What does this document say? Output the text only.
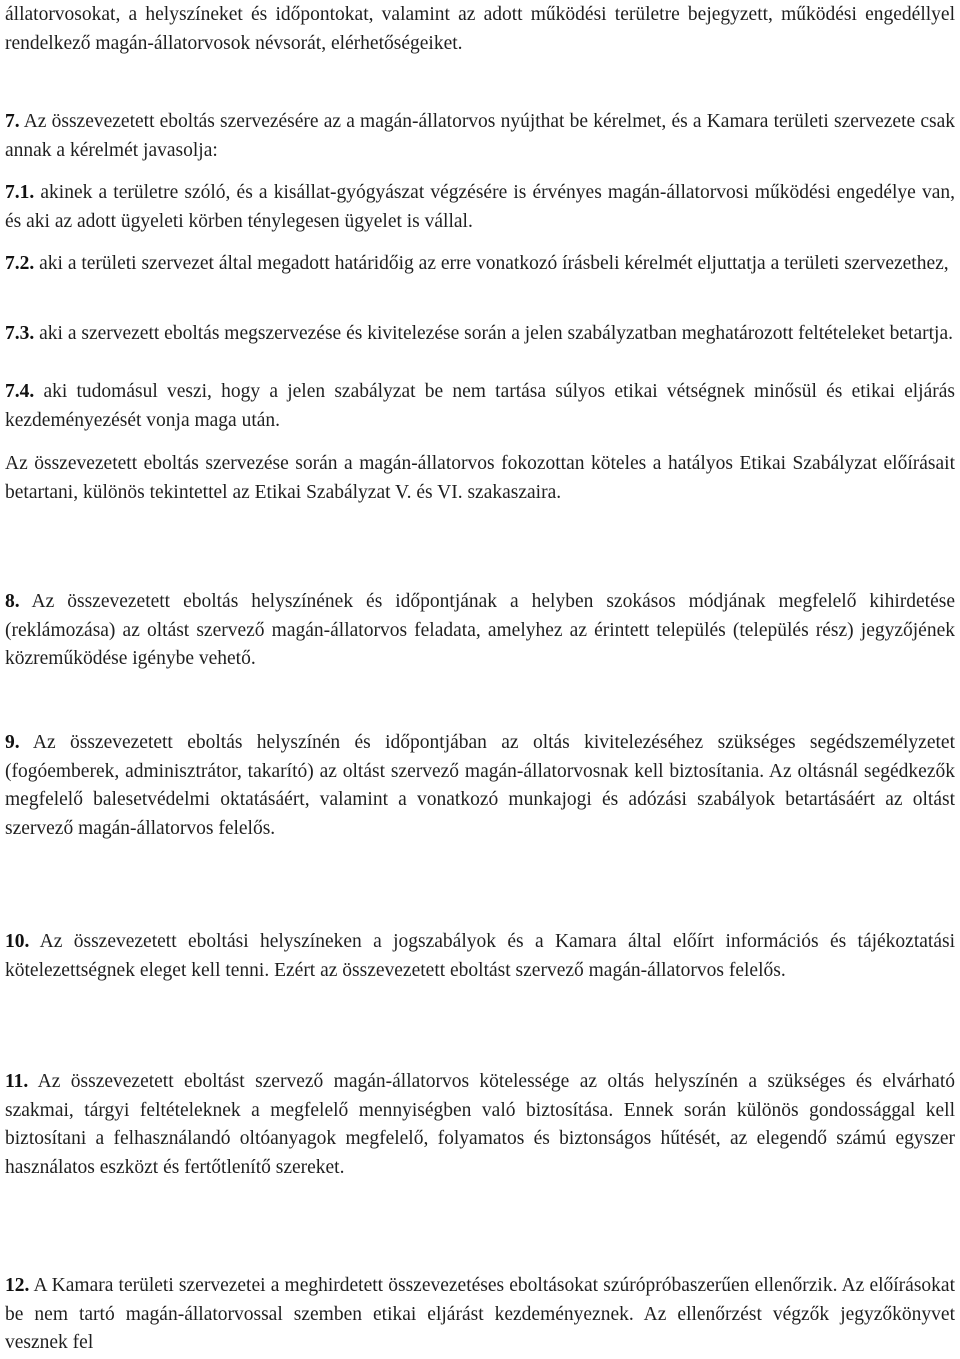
állatorvosokat, a helyszíneket és időpontokat, valamint az adott működési területre bejegyzett, működési engedéllyel rendelkező magán-állatorvosok névsorát, elérhetőségeiket.

7. Az összevezetett eboltás szervezésére az a magán-állatorvos nyújthat be kérelmet, és a Kamara területi szervezete csak annak a kérelmét javasolja:

7.1. akinek a területre szóló, és a kisállat-gyógyászat végzésére is érvényes magán-állatorvosi működési engedélye van, és aki az adott ügyeleti körben ténylegesen ügyelet is vállal.

7.2. aki a területi szervezet által megadott határidőig az erre vonatkozó írásbeli kérelmét eljuttatja a területi szervezethez,

7.3. aki a szervezett eboltás megszervezése és kivitelezése során a jelen szabályzatban meghatározott feltételeket betartja.

7.4. aki tudomásul veszi, hogy a jelen szabályzat be nem tartása súlyos etikai vétségnek minősül és etikai eljárás kezdeményezését vonja maga után.

Az összevezetett eboltás szervezése során a magán-állatorvos fokozottan köteles a hatályos Etikai Szabályzat előírásait betartani, különös tekintettel az Etikai Szabályzat V. és VI. szakaszaira.

8. Az összevezetett eboltás helyszínének és időpontjának a helyben szokásos módjának megfelelő kihirdetése (reklámozása) az oltást szervező magán-állatorvos feladata, amelyhez az érintett település (település rész) jegyzőjének közreműködése igénybe vehető.

9. Az összevezetett eboltás helyszínén és időpontjában az oltás kivitelezéséhez szükséges segédszemélyzetet (fogóemberek, adminisztrátor, takarító) az oltást szervező magán-állatorvosnak kell biztosítania. Az oltásnál segédkezők megfelelő balesetvédelmi oktatásáért, valamint a vonatkozó munkajogi és adózási szabályok betartásáért az oltást szervező magán-állatorvos felelős.

10. Az összevezetett eboltási helyszíneken a jogszabályok és a Kamara által előírt információs és tájékoztatási kötelezettségnek eleget kell tenni. Ezért az összevezetett eboltást szervező magán-állatorvos felelős.

11. Az összevezetett eboltást szervező magán-állatorvos kötelessége az oltás helyszínén a szükséges és elvárható szakmai, tárgyi feltételeknek a megfelelő mennyiségben való biztosítása. Ennek során különös gondossággal kell biztosítani a felhasználandó oltóanyagok megfelelő, folyamatos és biztonságos hűtését, az elegendő számú egyszer használatos eszközt és fertőtlenítő szereket.

12. A Kamara területi szervezetei a meghirdetett összevezetéses eboltásokat szúrópróbaszerűen ellenőrzik. Az előírásokat be nem tartó magán-állatorvossal szemben etikai eljárást kezdeményeznek. Az ellenőrzést végzők jegyzőkönyvet vesznek fel
